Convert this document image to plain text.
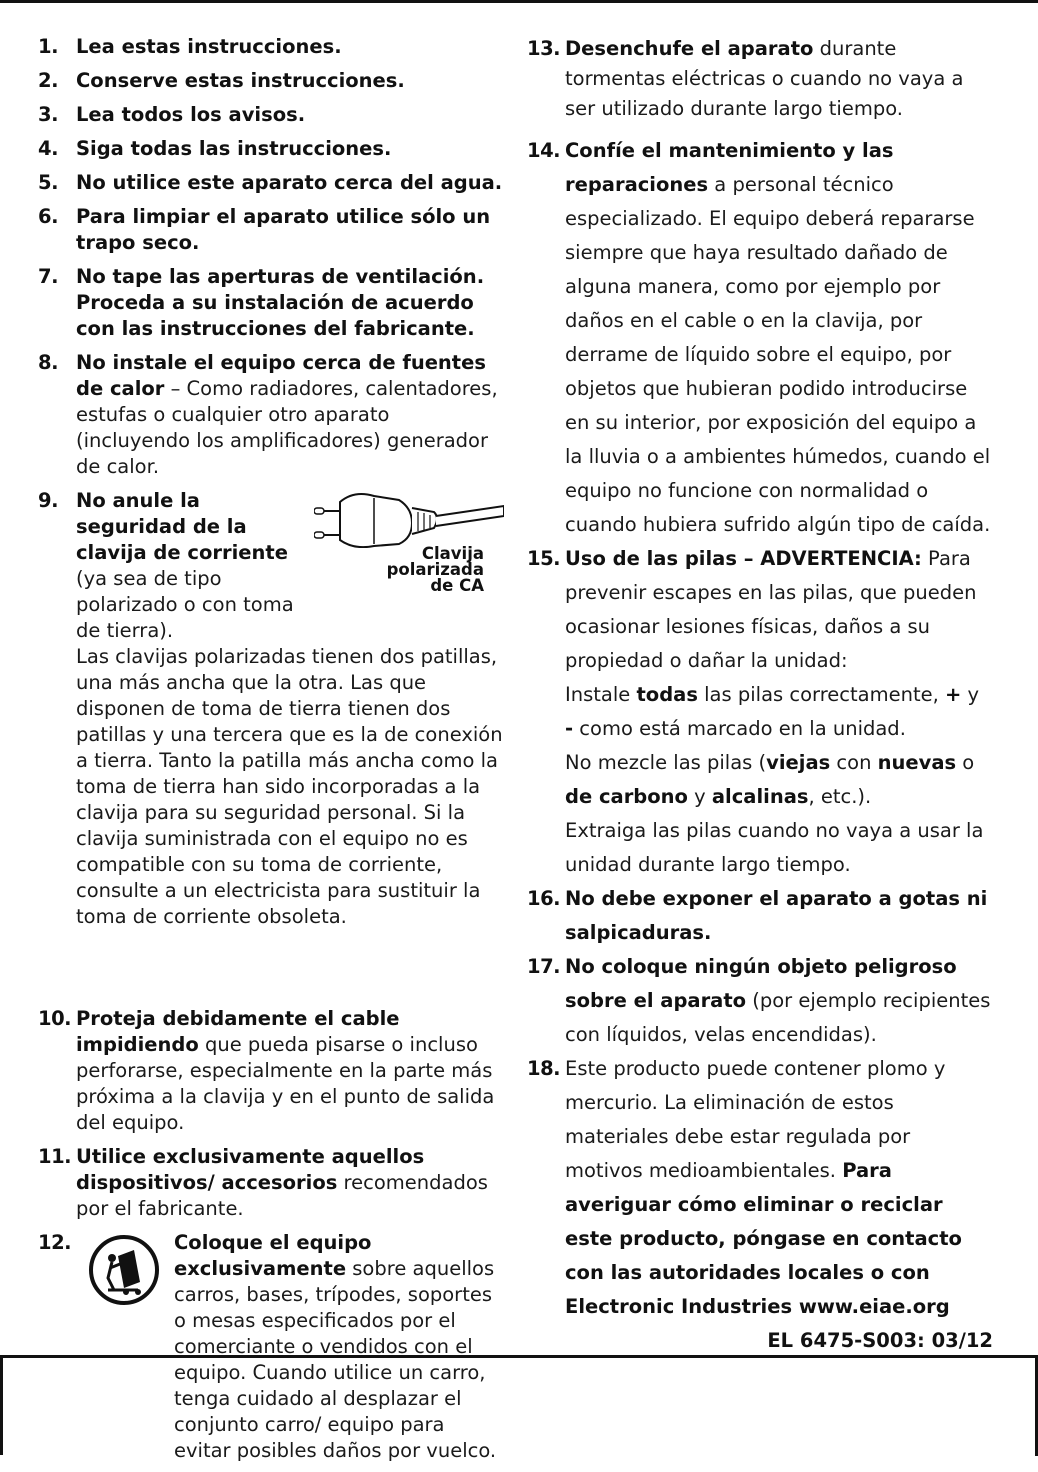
1. Lea estas instrucciones.
2. Conserve estas instrucciones.
3. Lea todos los avisos.
4. Siga todas las instrucciones.
5. No utilice este aparato cerca del agua.
6. Para limpiar el aparato utilice sólo un trapo seco.
7. No tape las aperturas de ventilación. Proceda a su instalación de acuerdo con las instrucciones del fabricante.
8. No instale el equipo cerca de fuentes de calor – Como radiadores, calentadores, estufas o cualquier otro aparato (incluyendo los amplificadores) generador de calor.
9.
Clavija
polarizada
de CA
No anule la seguridad de la clavija de corriente (ya sea de tipo polarizado o con toma de tierra).
Las clavijas polarizadas tienen dos patillas, una más ancha que la otra. Las que disponen de toma de tierra tienen dos patillas y una tercera que es la de conexión a tierra. Tanto la patilla más ancha como la toma de tierra han sido incorporadas a la clavija para su seguridad personal. Si la clavija suministrada con el equipo no es compatible con su toma de corriente, consulte a un electricista para sustituir la toma de corriente obsoleta.
10. Proteja debidamente el cable impidiendo que pueda pisarse o incluso perforarse, especialmente en la parte más próxima a la clavija y en el punto de salida del equipo.
11. Utilice exclusivamente aquellos dispositivos/ accesorios recomendados por el fabricante.
12.	Coloque el equipo exclusivamente sobre aquellos carros, bases, trípodes, soportes o mesas especificados por el comerciante o vendidos con el equipo. Cuando utilice un carro, tenga cuidado al desplazar el conjunto carro/ equipo para evitar posibles daños por vuelco.
13. Desenchufe el aparato durante tormentas eléctricas o cuando no vaya a ser utilizado durante largo tiempo.
14. Confíe el mantenimiento y las reparaciones a personal técnico especializado. El equipo deberá repararse siempre que haya resultado dañado de alguna manera, como por ejemplo por daños en el cable o en la clavija, por derrame de líquido sobre el equipo, por objetos que hubieran podido introducirse en su interior, por exposición del equipo a la lluvia o a ambientes húmedos, cuando el equipo no funcione con normalidad o cuando hubiera sufrido algún tipo de caída.
15. Uso de las pilas – ADVERTENCIA: Para prevenir escapes en las pilas, que pueden ocasionar lesiones físicas, daños a su propiedad o dañar la unidad:
Instale todas las pilas correctamente, + y - como está marcado en la unidad.
No mezcle las pilas (viejas con nuevas o de carbono y alcalinas, etc.).
Extraiga las pilas cuando no vaya a usar la unidad durante largo tiempo.
16. No debe exponer el aparato a gotas ni salpicaduras.
17. No coloque ningún objeto peligroso sobre el aparato (por ejemplo recipientes con líquidos, velas encendidas).
18. Este producto puede contener plomo y mercurio. La eliminación de estos materiales debe estar regulada por motivos medioambientales. Para averiguar cómo eliminar o reciclar este producto, póngase en contacto con las autoridades locales o con Electronic Industries www.eiae.org
EL 6475-S003: 03/12
